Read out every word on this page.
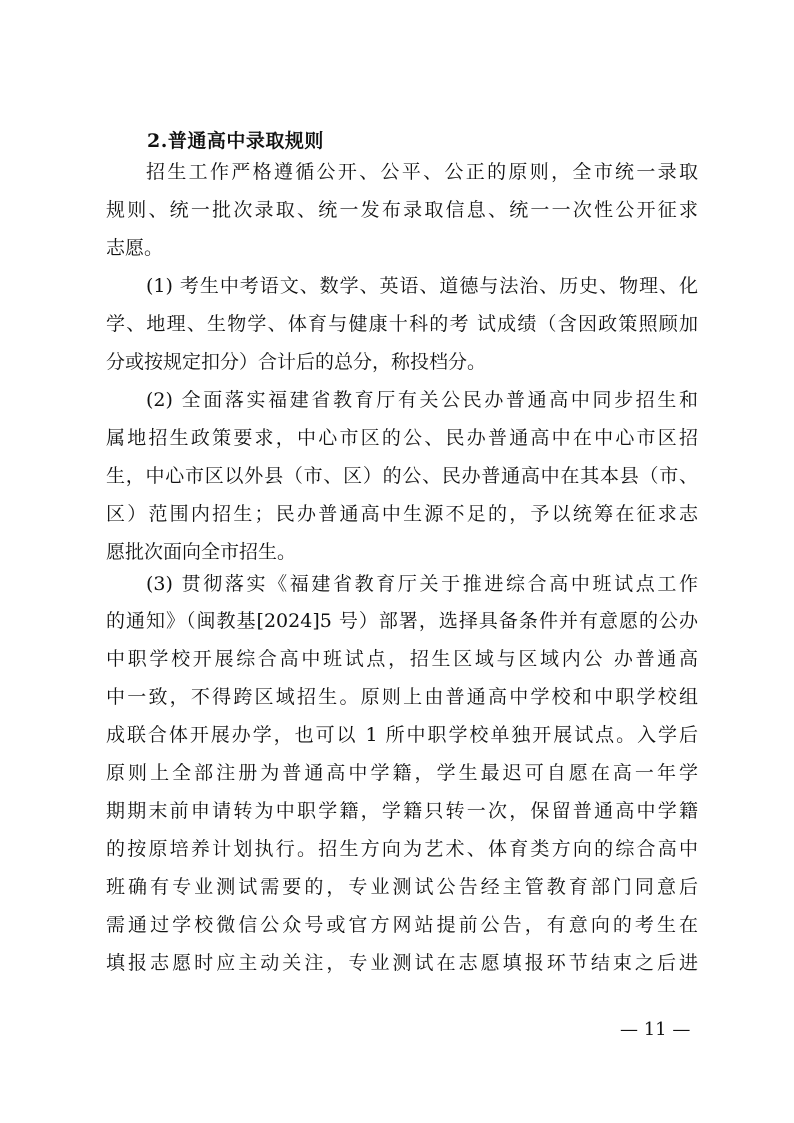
2.普通高中录取规则
招生工作严格遵循公开、公平、公正的原则，全市统一录取
规则、统一批次录取、统一发布录取信息、统一一次性公开征求
志愿。
(1) 考生中考语文、数学、英语、道德与法治、历史、物理、化
学、地理、生物学、体育与健康十科的考 试成绩（含因政策照顾加
分或按规定扣分）合计后的总分，称投档分。
(2) 全面落实福建省教育厅有关公民办普通高中同步招生和
属地招生政策要求，中心市区的公、民办普通高中在中心市区招
生，中心市区以外县（市、区）的公、民办普通高中在其本县（市、
区）范围内招生；民办普通高中生源不足的，予以统筹在征求志
愿批次面向全市招生。
(3) 贯彻落实《福建省教育厅关于推进综合高中班试点工作
的通知》（闽教基[2024]5 号）部署，选择具备条件并有意愿的公办
中职学校开展综合高中班试点，招生区域与区域内公 办普通高
中一致，不得跨区域招生。原则上由普通高中学校和中职学校组
成联合体开展办学，也可以 1 所中职学校单独开展试点。入学后
原则上全部注册为普通高中学籍，学生最迟可自愿在高一年学
期期末前申请转为中职学籍，学籍只转一次，保留普通高中学籍
的按原培养计划执行。招生方向为艺术、体育类方向的综合高中
班确有专业测试需要的，专业测试公告经主管教育部门同意后
需通过学校微信公众号或官方网站提前公告，有意向的考生在
填报志愿时应主动关注，专业测试在志愿填报环节结束之后进
— 11 —
